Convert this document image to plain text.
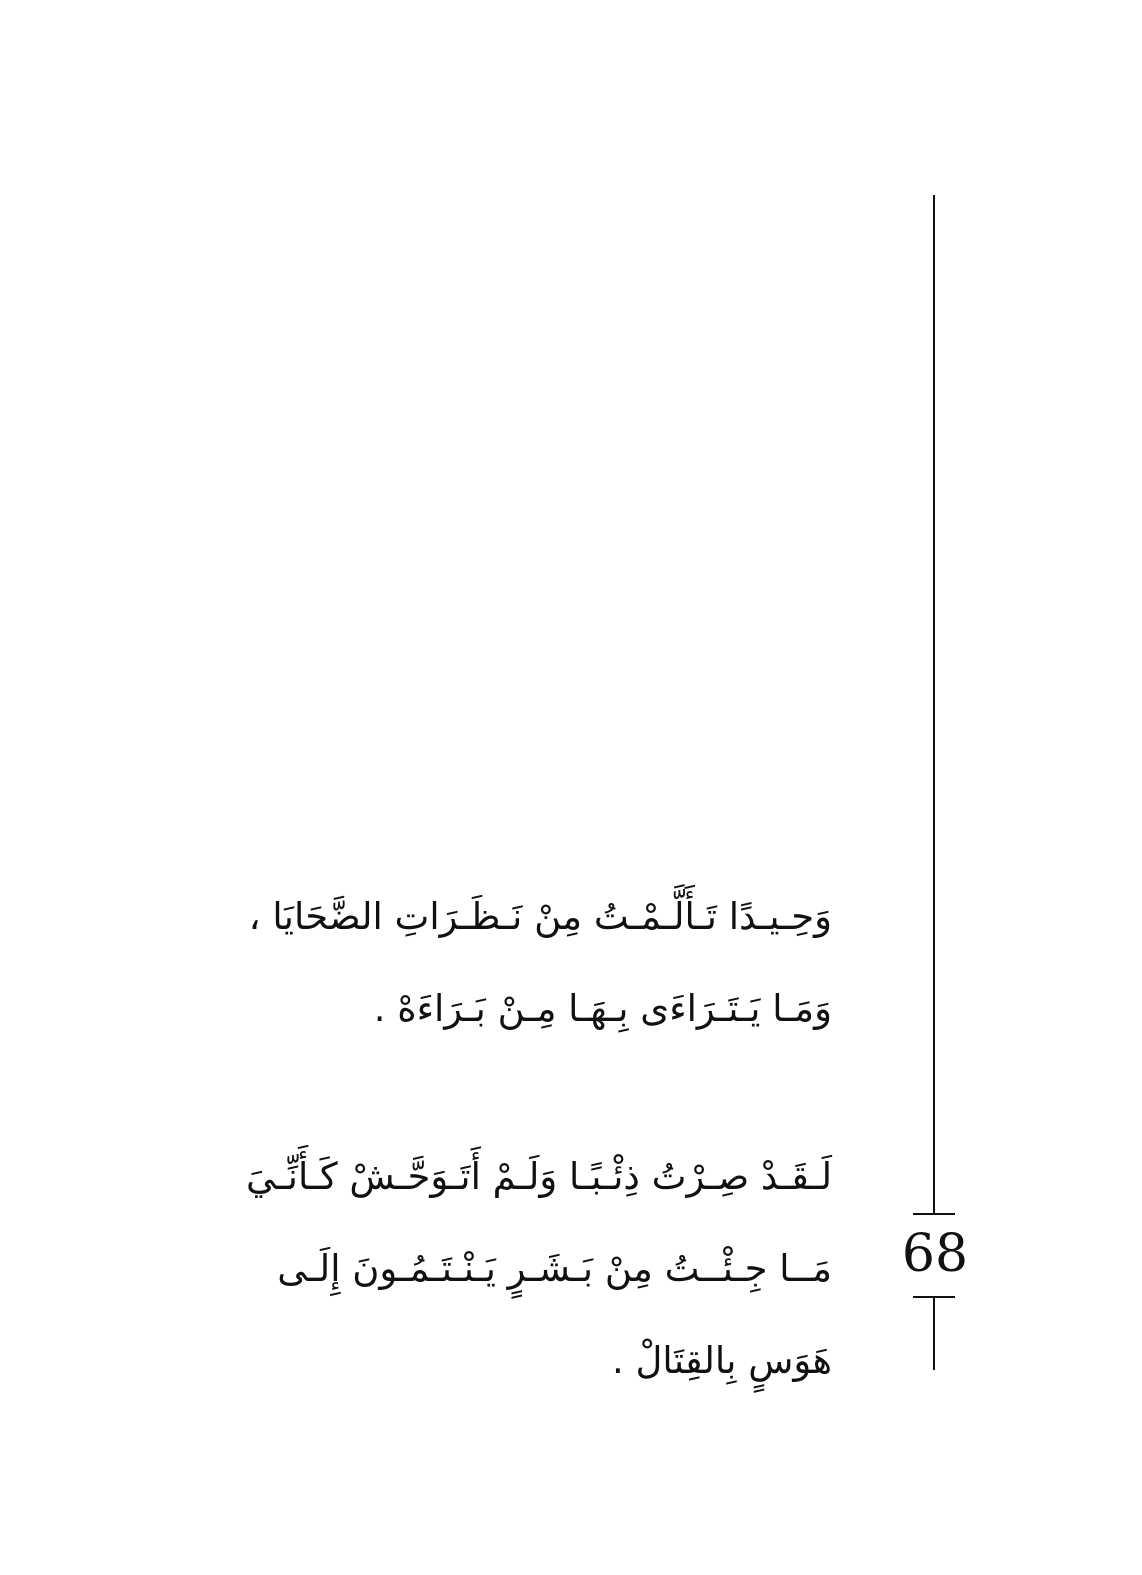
وَحِـيـدًا تَـأَلَّـمْـتُ مِنْ نَـظَـرَاتِ الضَّحَايَا ،
وَمَـا يَـتَـرَاءَى بِـهَـا مِـنْ بَـرَاءَهْ .
لَـقَـدْ صِـرْتُ ذِئْـبًـا وَلَـمْ أَتَـوَحَّـشْ كَـأَنِّـيَ
مَــا جِـئْــتُ مِنْ بَـشَـرٍ يَـنْـتَـمُـونَ إِلَـى
هَوَسٍ بِالقِتَالْ .
68
